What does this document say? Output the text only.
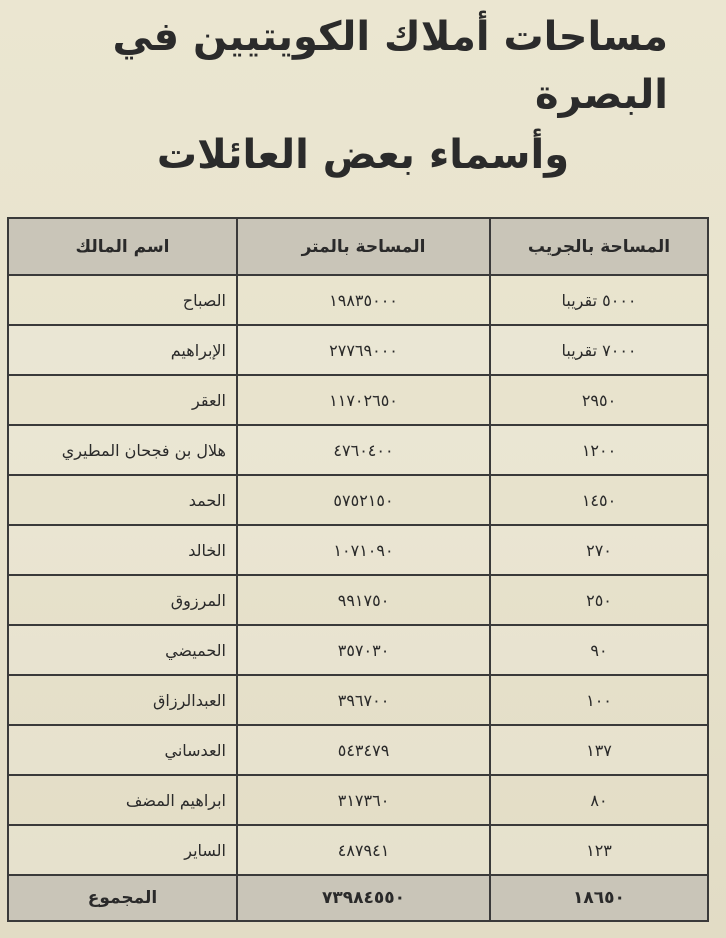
مساحات أملاك الكويتيين في البصرة
وأسماء بعض العائلات
المساحة بالجريب	المساحة بالمتر	اسم المالك
٥٠٠٠ تقريبا	١٩٨٣٥٠٠٠	الصباح
٧٠٠٠ تقريبا	٢٧٧٦٩٠٠٠	الإبراهيم
٢٩٥٠	١١٧٠٢٦٥٠	العقر
١٢٠٠	٤٧٦٠٤٠٠	هلال بن فجحان المطيري
١٤٥٠	٥٧٥٢١٥٠	الحمد
٢٧٠	١٠٧١٠٩٠	الخالد
٢٥٠	٩٩١٧٥٠	المرزوق
٩٠	٣٥٧٠٣٠	الحميضي
١٠٠	٣٩٦٧٠٠	العبدالرزاق
١٣٧	٥٤٣٤٧٩	العدساني
٨٠	٣١٧٣٦٠	ابراهيم المضف
١٢٣	٤٨٧٩٤١	الساير
١٨٦٥٠	٧٣٩٨٤٥٥٠	المجموع
